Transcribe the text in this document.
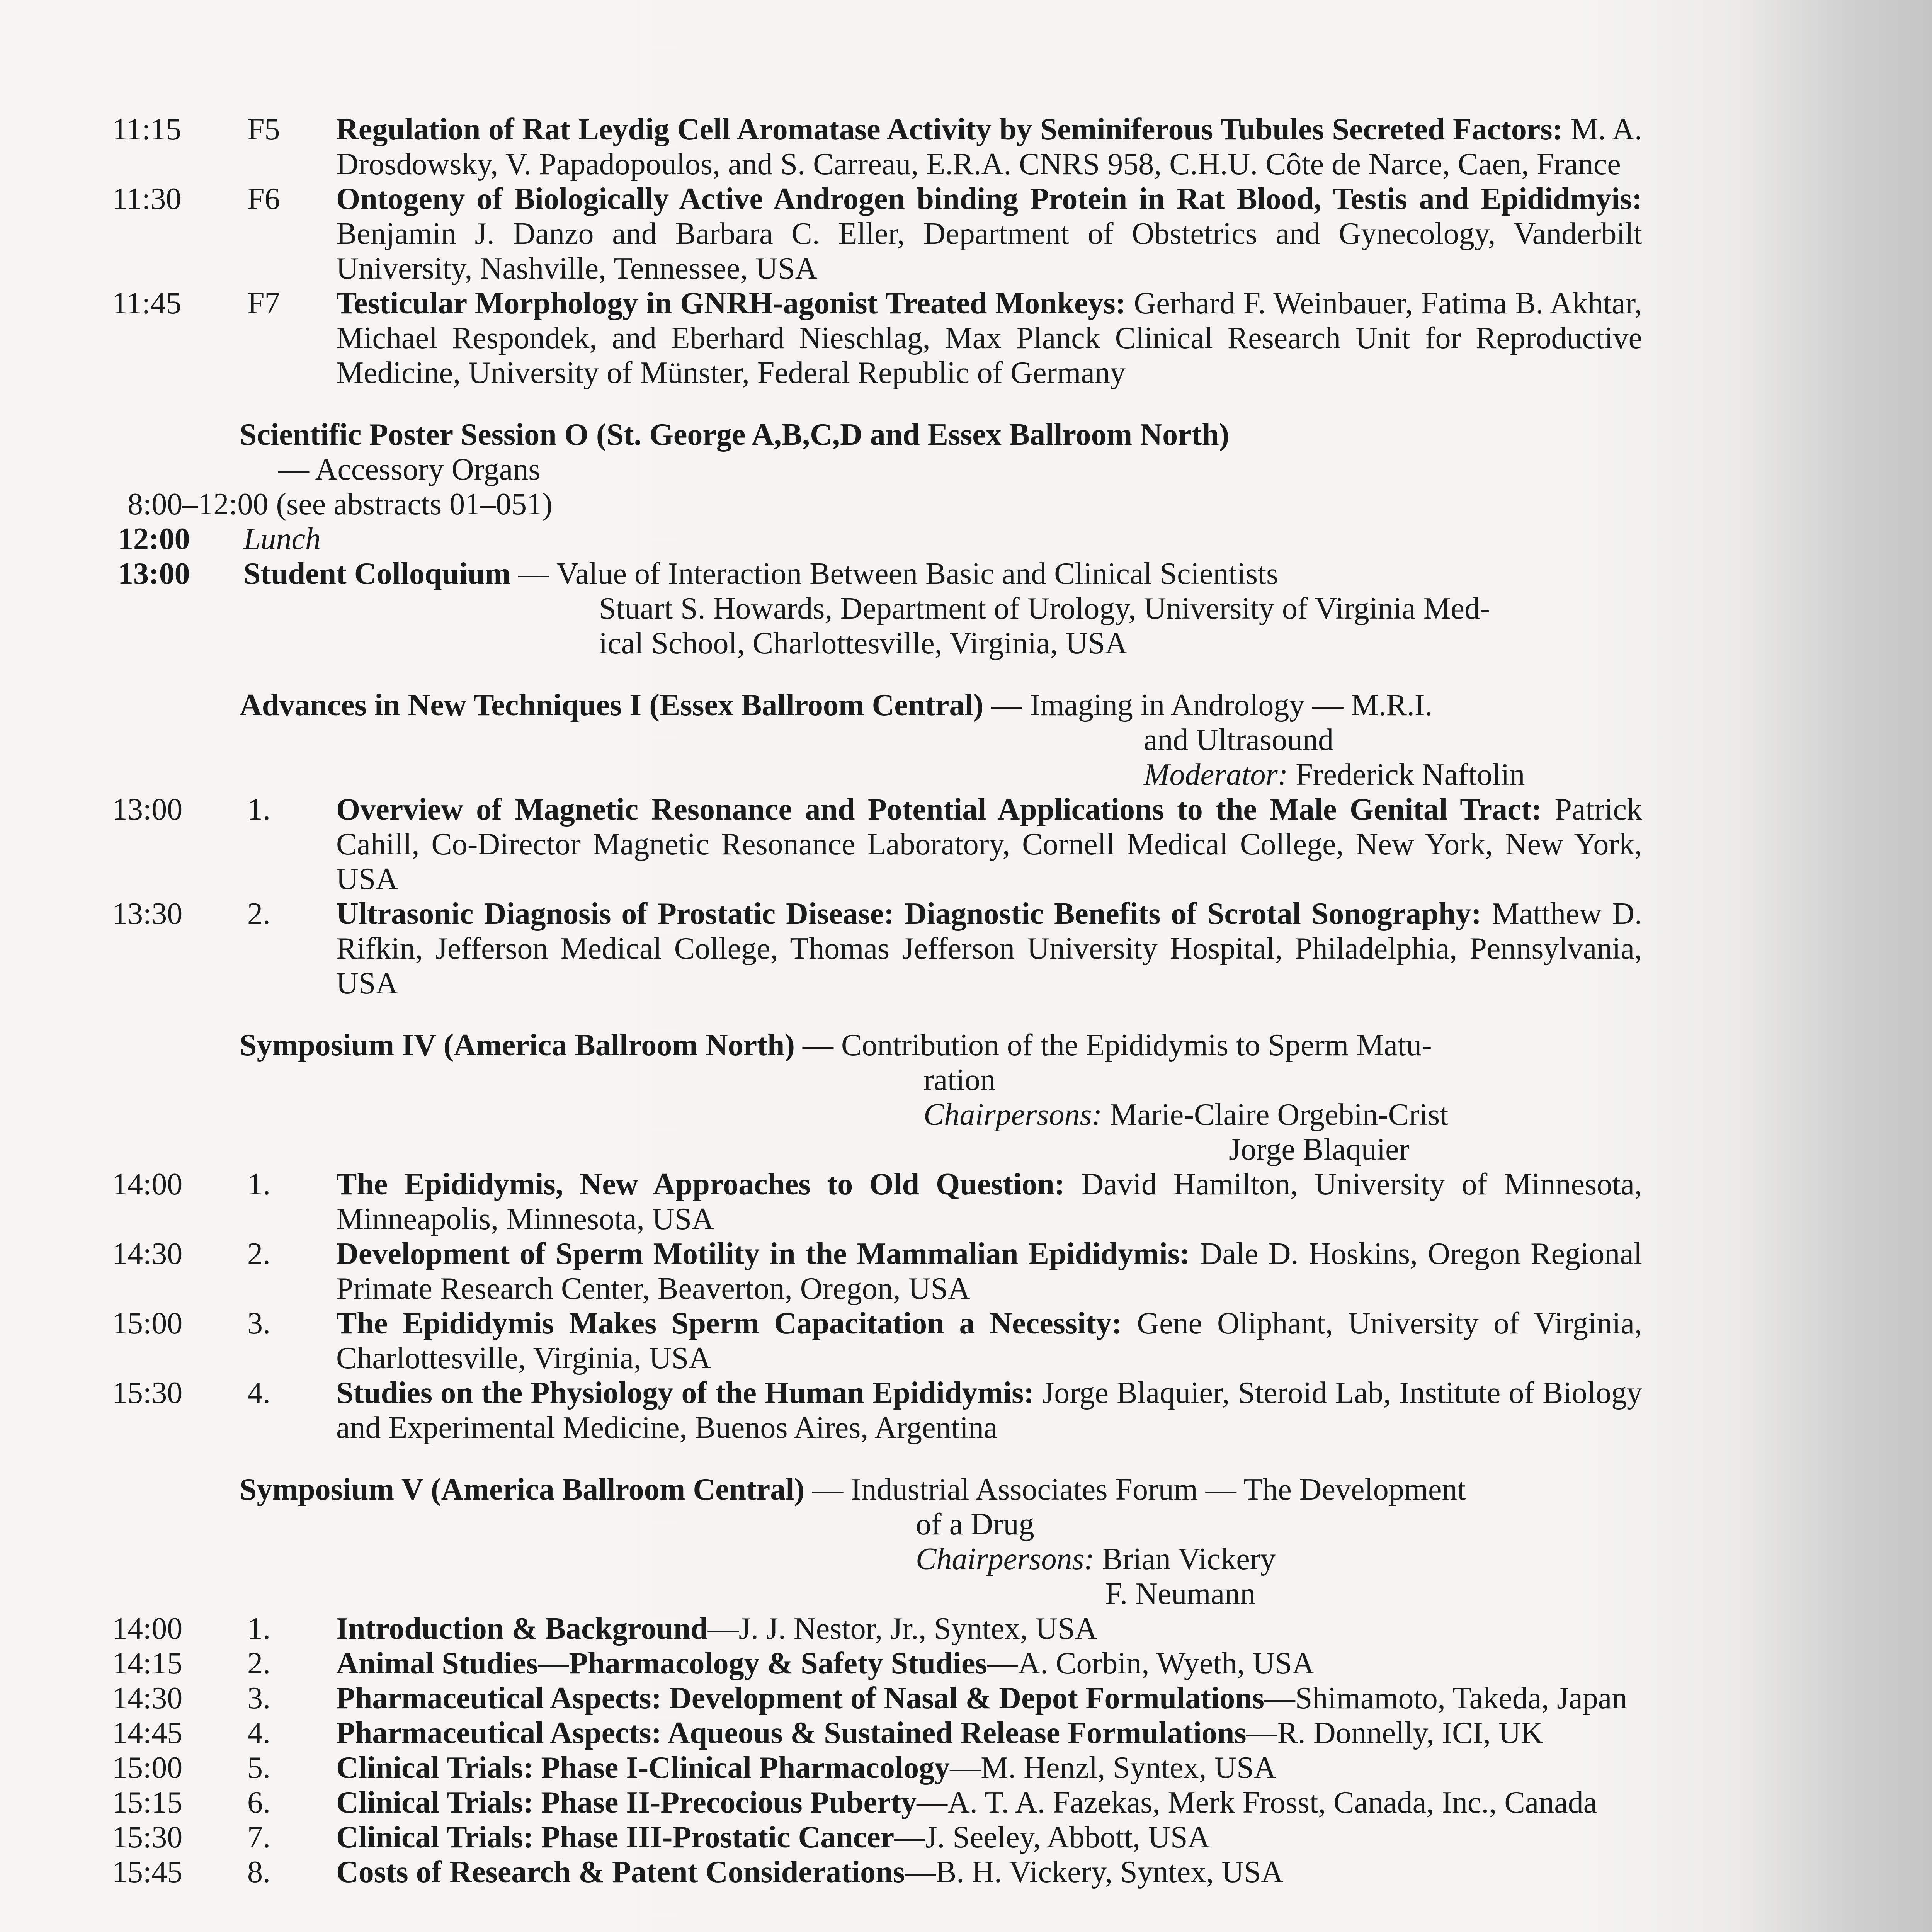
11:15	F5	Regulation of Rat Leydig Cell Aromatase Activity by Seminiferous Tubules Secreted Factors: M. A. Drosdowsky, V. Papadopoulos, and S. Carreau, E.R.A. CNRS 958, C.H.U. Côte de Narce, Caen, France
11:30	F6	Ontogeny of Biologically Active Androgen binding Protein in Rat Blood, Testis and Epididmyis: Benjamin J. Danzo and Barbara C. Eller, Department of Obstetrics and Gynecology, Vanderbilt University, Nashville, Tennessee, USA
11:45	F7	Testicular Morphology in GNRH-agonist Treated Monkeys: Gerhard F. Weinbauer, Fatima B. Akhtar, Michael Respondek, and Eberhard Nieschlag, Max Planck Clinical Research Unit for Reproductive Medicine, University of Münster, Federal Republic of Germany
Scientific Poster Session O (St. George A,B,C,D and Essex Ballroom North)
— Accessory Organs
8:00–12:00 (see abstracts 01–051)
12:00	Lunch
13:00	Student Colloquium — Value of Interaction Between Basic and Clinical Scientists
Stuart S. Howards, Department of Urology, University of Virginia Med-
ical School, Charlottesville, Virginia, USA
Advances in New Techniques I (Essex Ballroom Central) — Imaging in Andrology — M.R.I.
and Ultrasound
Moderator: Frederick Naftolin
13:00	1.	Overview of Magnetic Resonance and Potential Applications to the Male Genital Tract: Patrick Cahill, Co-Director Magnetic Resonance Laboratory, Cornell Medical College, New York, New York, USA
13:30	2.	Ultrasonic Diagnosis of Prostatic Disease: Diagnostic Benefits of Scrotal Sonography: Matthew D. Rifkin, Jefferson Medical College, Thomas Jefferson University Hospital, Philadelphia, Pennsylvania, USA
Symposium IV (America Ballroom North) — Contribution of the Epididymis to Sperm Matu-
ration
Chairpersons: Marie-Claire Orgebin-Crist
Jorge Blaquier
14:00	1.	The Epididymis, New Approaches to Old Question: David Hamilton, University of Minnesota, Minneapolis, Minnesota, USA
14:30	2.	Development of Sperm Motility in the Mammalian Epididymis: Dale D. Hoskins, Oregon Regional Primate Research Center, Beaverton, Oregon, USA
15:00	3.	The Epididymis Makes Sperm Capacitation a Necessity: Gene Oliphant, University of Virginia, Charlottesville, Virginia, USA
15:30	4.	Studies on the Physiology of the Human Epididymis: Jorge Blaquier, Steroid Lab, Institute of Biology and Experimental Medicine, Buenos Aires, Argentina
Symposium V (America Ballroom Central) — Industrial Associates Forum — The Development
of a Drug
Chairpersons: Brian Vickery
F. Neumann
14:00	1.	Introduction & Background—J. J. Nestor, Jr., Syntex, USA
14:15	2.	Animal Studies—Pharmacology & Safety Studies—A. Corbin, Wyeth, USA
14:30	3.	Pharmaceutical Aspects: Development of Nasal & Depot Formulations—Shimamoto, Takeda, Japan
14:45	4.	Pharmaceutical Aspects: Aqueous & Sustained Release Formulations—R. Donnelly, ICI, UK
15:00	5.	Clinical Trials: Phase I-Clinical Pharmacology—M. Henzl, Syntex, USA
15:15	6.	Clinical Trials: Phase II-Precocious Puberty—A. T. A. Fazekas, Merk Frosst, Canada, Inc., Canada
15:30	7.	Clinical Trials: Phase III-Prostatic Cancer—J. Seeley, Abbott, USA
15:45	8.	Costs of Research & Patent Considerations—B. H. Vickery, Syntex, USA
